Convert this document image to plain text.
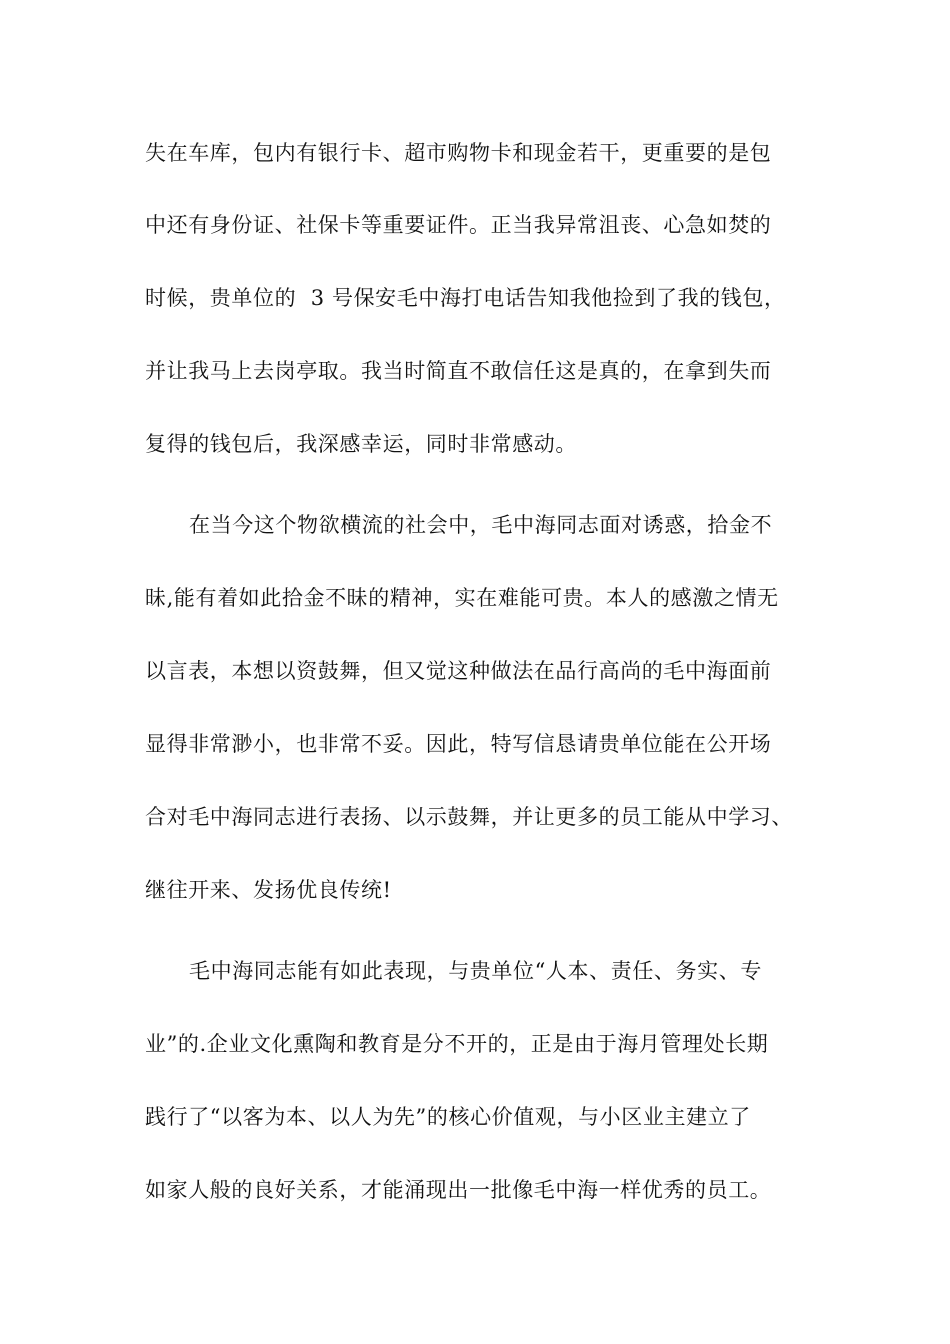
失在车库，包内有银行卡、超市购物卡和现金若干，更重要的是包
中还有身份证、社保卡等重要证件。正当我异常沮丧、心急如焚的
时候，贵单位的  3 号保安毛中海打电话告知我他捡到了我的钱包，
并让我马上去岗亭取。我当时简直不敢信任这是真的，在拿到失而
复得的钱包后，我深感幸运，同时非常感动。
在当今这个物欲横流的社会中，毛中海同志面对诱惑，拾金不
昧,能有着如此拾金不昧的精神，实在难能可贵。本人的感激之情无
以言表，本想以资鼓舞，但又觉这种做法在品行高尚的毛中海面前
显得非常渺小，也非常不妥。因此，特写信恳请贵单位能在公开场
合对毛中海同志进行表扬、以示鼓舞，并让更多的员工能从中学习、
继往开来、发扬优良传统!
毛中海同志能有如此表现，与贵单位“人本、责任、务实、专
业”的.企业文化熏陶和教育是分不开的，正是由于海月管理处长期
践行了“以客为本、以人为先”的核心价值观，与小区业主建立了
如家人般的良好关系，才能涌现出一批像毛中海一样优秀的员工。
